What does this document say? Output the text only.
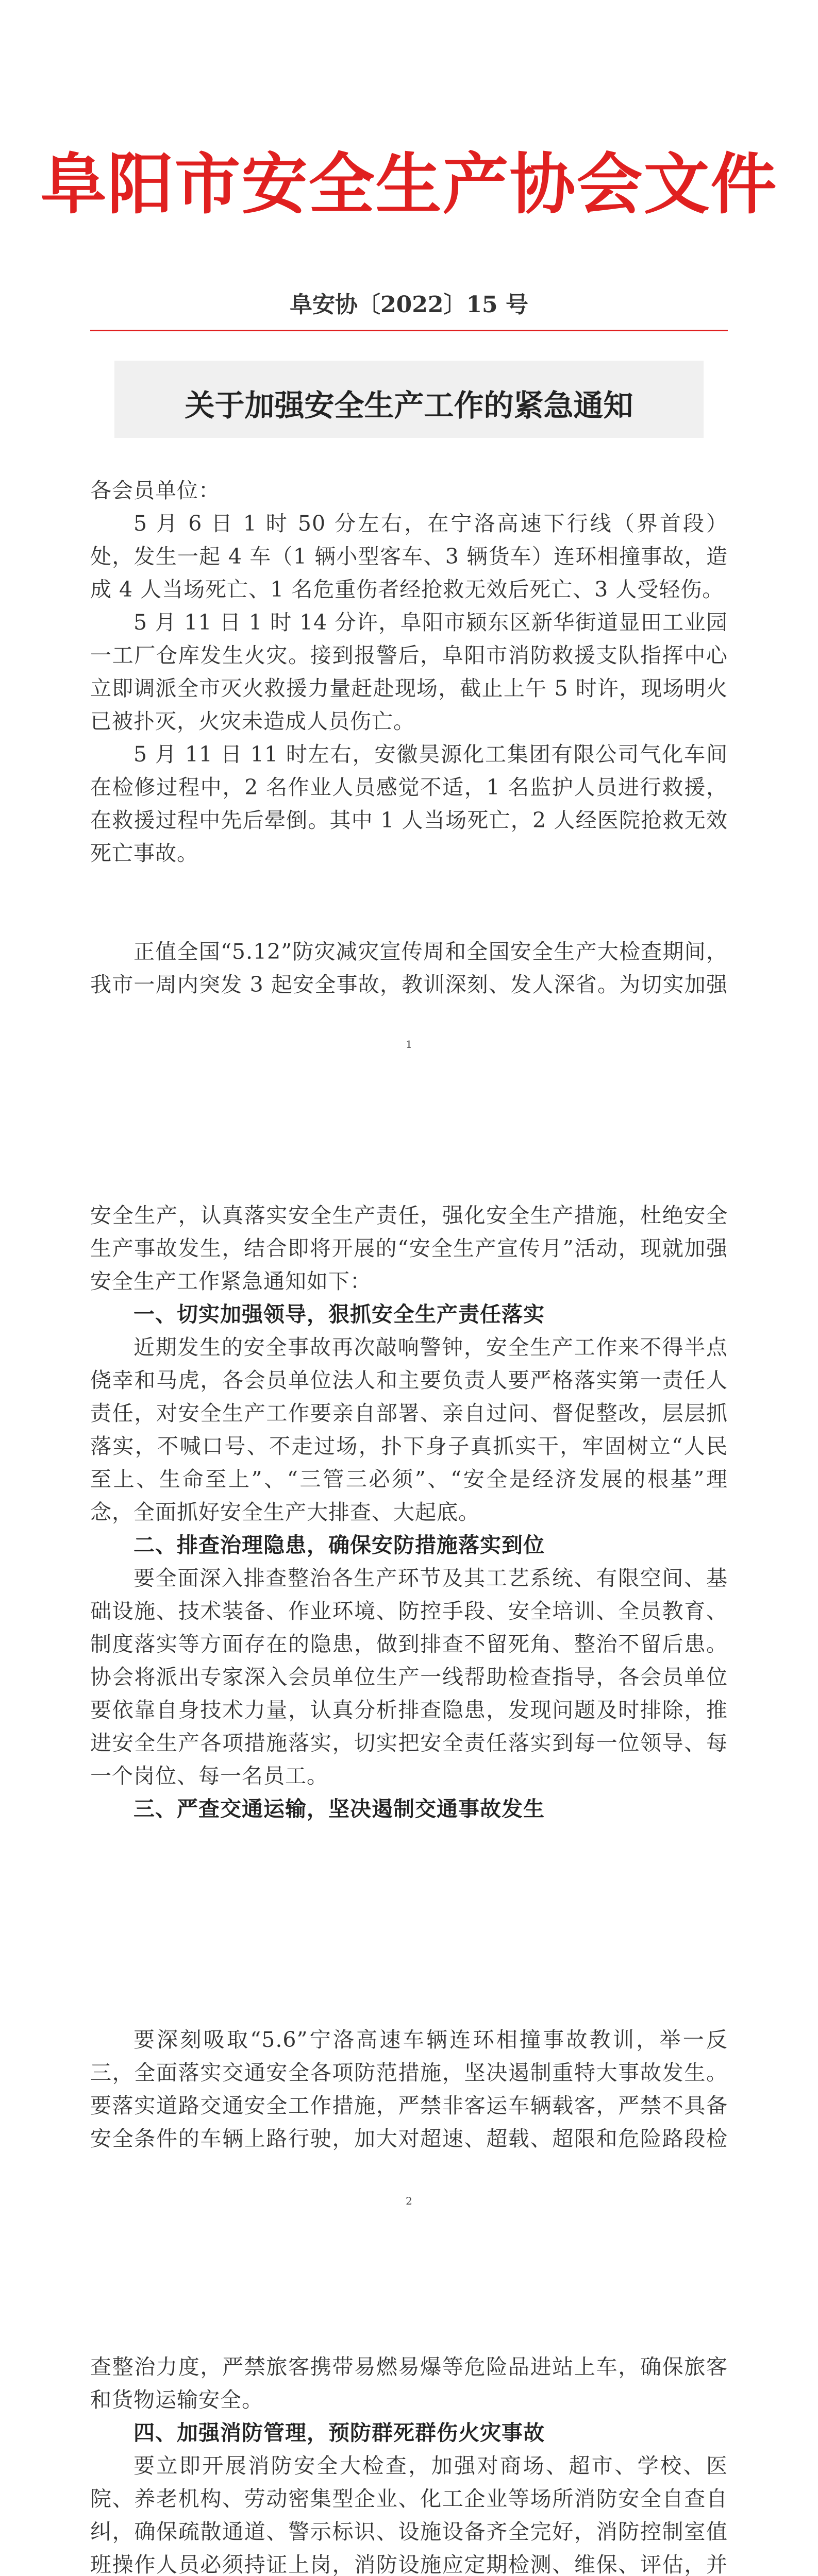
阜阳市安全生产协会文件
阜安协〔2022〕15 号
关于加强安全生产工作的紧急通知

各会员单位：

5 月 6 日 1 时 50 分左右，在宁洛高速下行线（界首段）处，发生一起 4 车（1 辆小型客车、3 辆货车）连环相撞事故，造成 4 人当场死亡、1 名危重伤者经抢救无效后死亡、3 人受轻伤。

5 月 11 日 1 时 14 分许，阜阳市颍东区新华街道显田工业园一工厂仓库发生火灾。接到报警后，阜阳市消防救援支队指挥中心立即调派全市灭火救援力量赶赴现场，截止上午 5 时许，现场明火已被扑灭，火灾未造成人员伤亡。

5 月 11 日 11 时左右，安徽昊源化工集团有限公司气化车间在检修过程中，2 名作业人员感觉不适，1 名监护人员进行救援，在救援过程中先后晕倒。其中 1 人当场死亡，2 人经医院抢救无效死亡事故。

正值全国“5.12”防灾减灾宣传周和全国安全生产大检查期间，我市一周内突发 3 起安全事故，教训深刻、发人深省。为切实加强

1

安全生产，认真落实安全生产责任，强化安全生产措施，杜绝安全生产事故发生，结合即将开展的“安全生产宣传月”活动，现就加强安全生产工作紧急通知如下：

一、切实加强领导，狠抓安全生产责任落实

近期发生的安全事故再次敲响警钟，安全生产工作来不得半点侥幸和马虎，各会员单位法人和主要负责人要严格落实第一责任人责任，对安全生产工作要亲自部署、亲自过问、督促整改，层层抓落实，不喊口号、不走过场，扑下身子真抓实干，牢固树立“人民至上、生命至上”、“三管三必须”、“安全是经济发展的根基”理念，全面抓好安全生产大排查、大起底。

二、排查治理隐患，确保安防措施落实到位

要全面深入排查整治各生产环节及其工艺系统、有限空间、基础设施、技术装备、作业环境、防控手段、安全培训、全员教育、制度落实等方面存在的隐患，做到排查不留死角、整治不留后患。协会将派出专家深入会员单位生产一线帮助检查指导，各会员单位要依靠自身技术力量，认真分析排查隐患，发现问题及时排除，推进安全生产各项措施落实，切实把安全责任落实到每一位领导、每一个岗位、每一名员工。

三、严查交通运输，坚决遏制交通事故发生

要深刻吸取“5.6”宁洛高速车辆连环相撞事故教训，举一反三，全面落实交通安全各项防范措施，坚决遏制重特大事故发生。要落实道路交通安全工作措施，严禁非客运车辆载客，严禁不具备安全条件的车辆上路行驶，加大对超速、超载、超限和危险路段检

2

查整治力度，严禁旅客携带易燃易爆等危险品进站上车，确保旅客和货物运输安全。

四、加强消防管理，预防群死群伤火灾事故

要立即开展消防安全大检查，加强对商场、超市、学校、医院、养老机构、劳动密集型企业、化工企业等场所消防安全自查自纠，确保疏散通道、警示标识、设施设备齐全完好，消防控制室值班操作人员必须持证上岗，消防设施应定期检测、维保、评估，并
